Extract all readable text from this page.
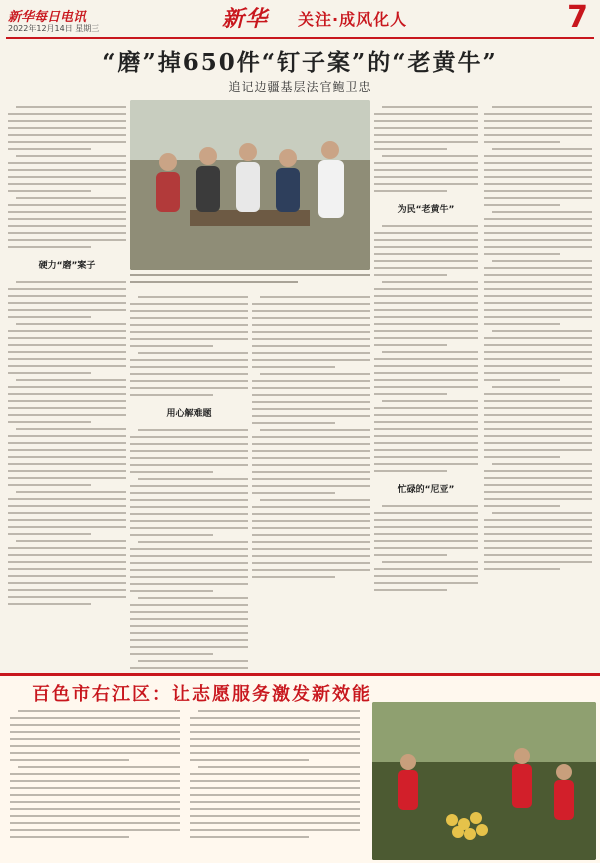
新华每日电讯
2022年12月14日 星期三	新华 关注·成风化人	7
“磨”掉650件“钉子案”的“老黄牛”
追记边疆基层法官鲍卫忠
硬力“磨”案子
用心解难题
为民“老黄牛”
忙碌的“尼亚”
百色市右江区：让志愿服务激发新效能
